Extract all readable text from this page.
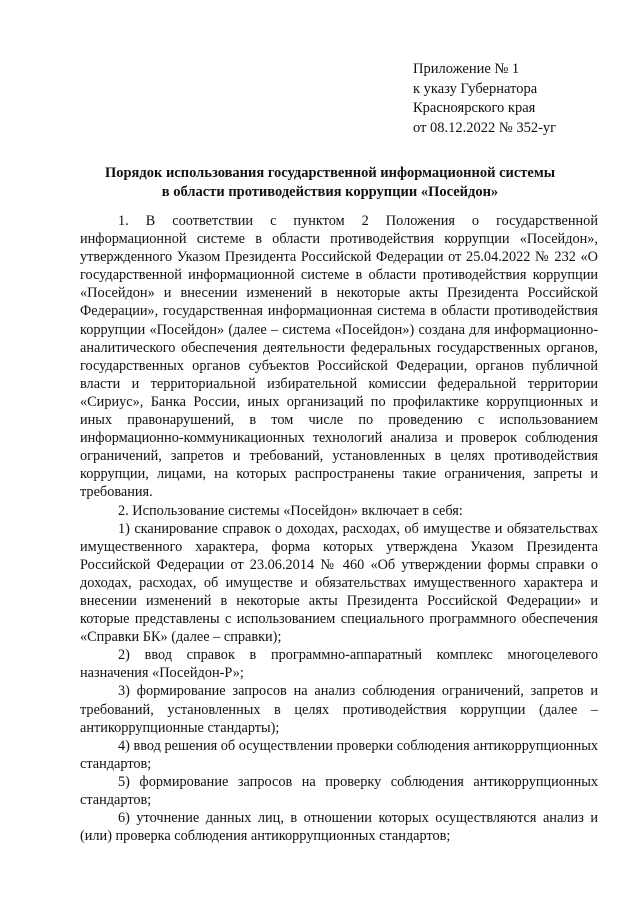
Приложение № 1
к указу Губернатора
Красноярского края
от 08.12.2022 № 352-уг
Порядок использования государственной информационной системы
в области противодействия коррупции «Посейдон»

1. В соответствии с пунктом 2 Положения о государственной информационной системе в области противодействия коррупции «Посейдон», утвержденного Указом Президента Российской Федерации от 25.04.2022 № 232 «О государственной информационной системе в области противодействия коррупции «Посейдон» и внесении изменений в некоторые акты Президента Российской Федерации», государственная информационная система в области противодействия коррупции «Посейдон» (далее – система «Посейдон») создана для информационно-аналитического обеспечения деятельности федеральных государственных органов, государственных органов субъектов Российской Федерации, органов публичной власти и территориальной избирательной комиссии федеральной территории «Сириус», Банка России, иных организаций по профилактике коррупционных и иных правонарушений, в том числе по проведению с использованием информационно-коммуникационных технологий анализа и проверок соблюдения ограничений, запретов и требований, установленных в целях противодействия коррупции, лицами, на которых распространены такие ограничения, запреты и требования.

2. Использование системы «Посейдон» включает в себя:

1) сканирование справок о доходах, расходах, об имуществе и обязательствах имущественного характера, форма которых утверждена Указом Президента Российской Федерации от 23.06.2014 № 460 «Об утверждении формы справки о доходах, расходах, об имуществе и обязательствах имущественного характера и внесении изменений в некоторые акты Президента Российской Федерации» и которые представлены с использованием специального программного обеспечения «Справки БК» (далее – справки);

2) ввод справок в программно-аппаратный комплекс многоцелевого назначения «Посейдон-Р»;

3) формирование запросов на анализ соблюдения ограничений, запретов и требований, установленных в целях противодействия коррупции (далее – антикоррупционные стандарты);

4) ввод решения об осуществлении проверки соблюдения антикоррупционных стандартов;

5) формирование запросов на проверку соблюдения антикоррупционных стандартов;

6) уточнение данных лиц, в отношении которых осуществляются анализ и (или) проверка соблюдения антикоррупционных стандартов;
